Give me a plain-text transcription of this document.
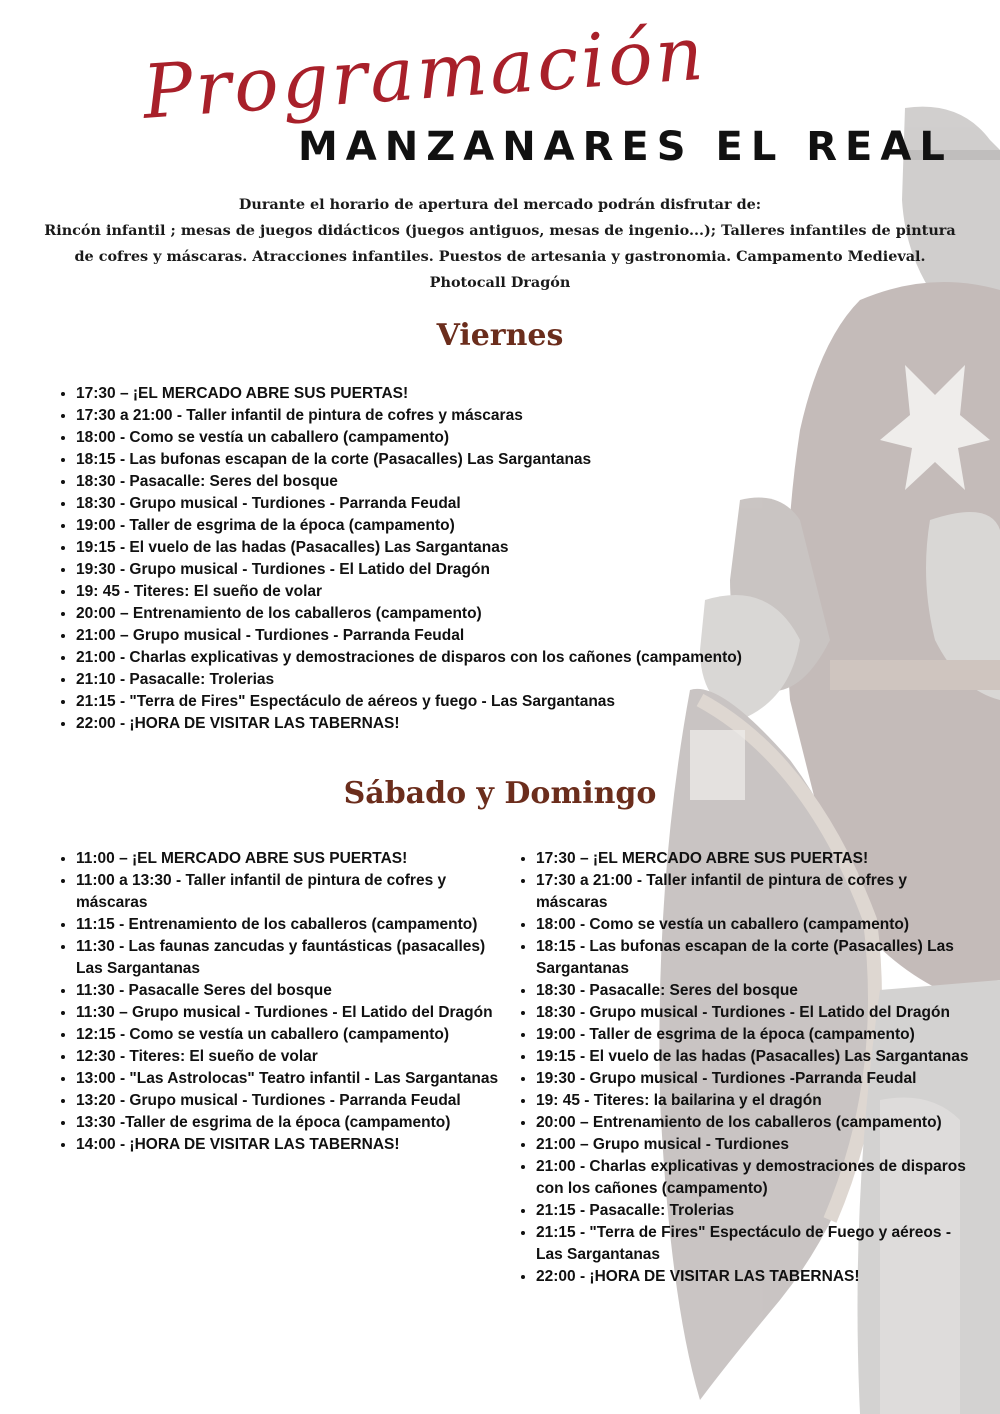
Programación
MANZANARES EL REAL

Durante el horario de apertura del mercado podrán disfrutar de:

Rincón infantil ; mesas de juegos didácticos (juegos antiguos, mesas de ingenio...); Talleres infantiles de pintura de cofres y máscaras. Atracciones infantiles. Puestos de artesania y gastronomia. Campamento Medieval. Photocall Dragón

Viernes
• 17:30 – ¡EL MERCADO ABRE SUS PUERTAS!
• 17:30 a 21:00 - Taller infantil de pintura de cofres y máscaras
• 18:00 - Como se vestía un caballero (campamento)
• 18:15 - Las bufonas escapan de la corte (Pasacalles) Las Sargantanas
• 18:30 - Pasacalle: Seres del bosque
• 18:30 - Grupo musical - Turdiones - Parranda Feudal
• 19:00 - Taller de esgrima de la época (campamento)
• 19:15 - El vuelo de las hadas (Pasacalles) Las Sargantanas
• 19:30 - Grupo musical - Turdiones - El Latido del Dragón
• 19: 45 - Titeres: El sueño de volar
• 20:00 – Entrenamiento de los caballeros (campamento)
• 21:00 – Grupo musical - Turdiones - Parranda Feudal
• 21:00 - Charlas explicativas y demostraciones de disparos con los cañones (campamento)
• 21:10 - Pasacalle: Trolerias
• 21:15 - "Terra de Fires" Espectáculo de aéreos y fuego - Las Sargantanas
• 22:00 - ¡HORA DE VISITAR LAS TABERNAS!
Sábado y Domingo
• 11:00 – ¡EL MERCADO ABRE SUS PUERTAS!
• 11:00 a 13:30 - Taller infantil de pintura de cofres y máscaras
• 11:15 - Entrenamiento de los caballeros (campamento)
• 11:30 - Las faunas zancudas y fauntásticas (pasacalles) Las Sargantanas
• 11:30 - Pasacalle Seres del bosque
• 11:30 – Grupo musical - Turdiones - El Latido del Dragón
• 12:15 - Como se vestía un caballero (campamento)
• 12:30 - Titeres: El sueño de volar
• 13:00 - "Las Astrolocas" Teatro infantil - Las Sargantanas
• 13:20 - Grupo musical - Turdiones - Parranda Feudal
• 13:30 -Taller de esgrima de la época (campamento)
• 14:00 - ¡HORA DE VISITAR LAS TABERNAS!
• 17:30 – ¡EL MERCADO ABRE SUS PUERTAS!
• 17:30 a 21:00 - Taller infantil de pintura de cofres y máscaras
• 18:00 - Como se vestía un caballero (campamento)
• 18:15 - Las bufonas escapan de la corte (Pasacalles) Las Sargantanas
• 18:30 - Pasacalle: Seres del bosque
• 18:30 - Grupo musical - Turdiones - El Latido del Dragón
• 19:00 - Taller de esgrima de la época (campamento)
• 19:15 - El vuelo de las hadas (Pasacalles) Las Sargantanas
• 19:30 - Grupo musical - Turdiones -Parranda Feudal
• 19: 45 - Titeres: la bailarina y el dragón
• 20:00 – Entrenamiento de los caballeros (campamento)
• 21:00 – Grupo musical - Turdiones
• 21:00 - Charlas explicativas y demostraciones de disparos con los cañones (campamento)
• 21:15 - Pasacalle: Trolerias
• 21:15 - "Terra de Fires" Espectáculo de Fuego y aéreos - Las Sargantanas
• 22:00 - ¡HORA DE VISITAR LAS TABERNAS!
